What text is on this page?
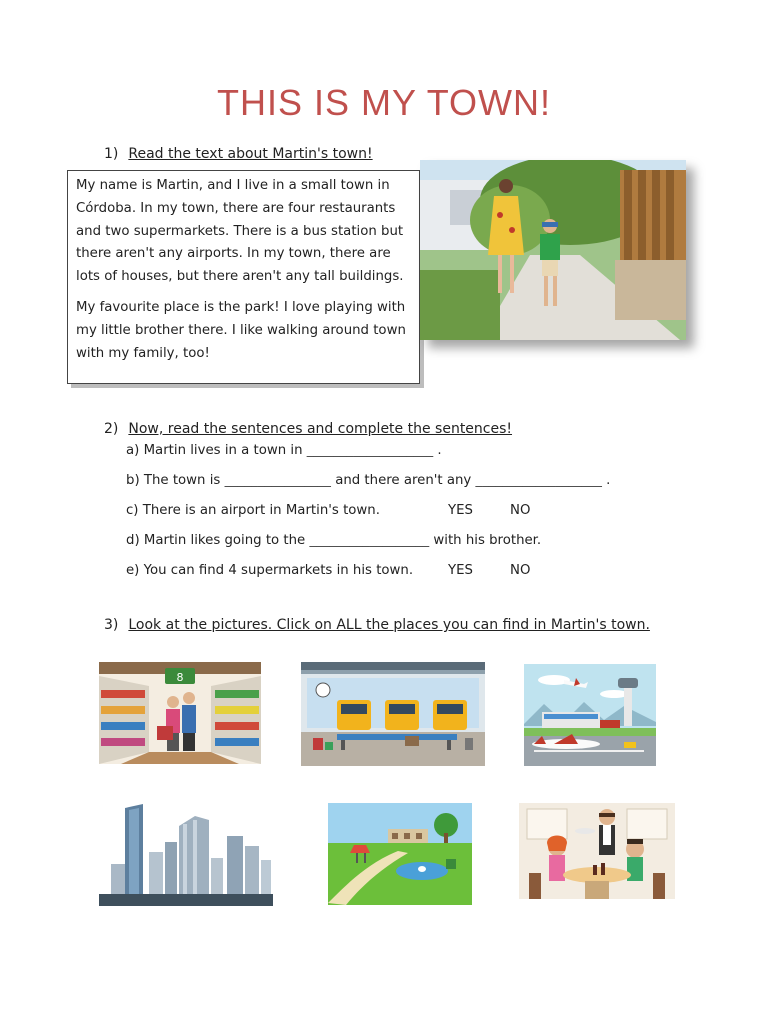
THIS IS MY TOWN!
1) Read the text about Martin's town!

My name is Martin, and I live in a small town in Córdoba. In my town, there are four restaurants and two supermarkets. There is a bus station but there aren't any airports. In my town, there are lots of houses, but there aren't any tall buildings.

My favourite place is the park! I love playing with my little brother there. I like walking around town with my family, too!

2) Now, read the sentences and complete the sentences!
a) Martin lives in a town in ___________________ .
b) The town is ________________ and there aren't any ___________________ .
c) There is an airport in Martin's town.	YES	NO
d) Martin likes going to the __________________ with his brother.
e) You can find 4 supermarkets in his town.	YES	NO
3) Look at the pictures. Click on ALL the places you can find in Martin's town.
8
